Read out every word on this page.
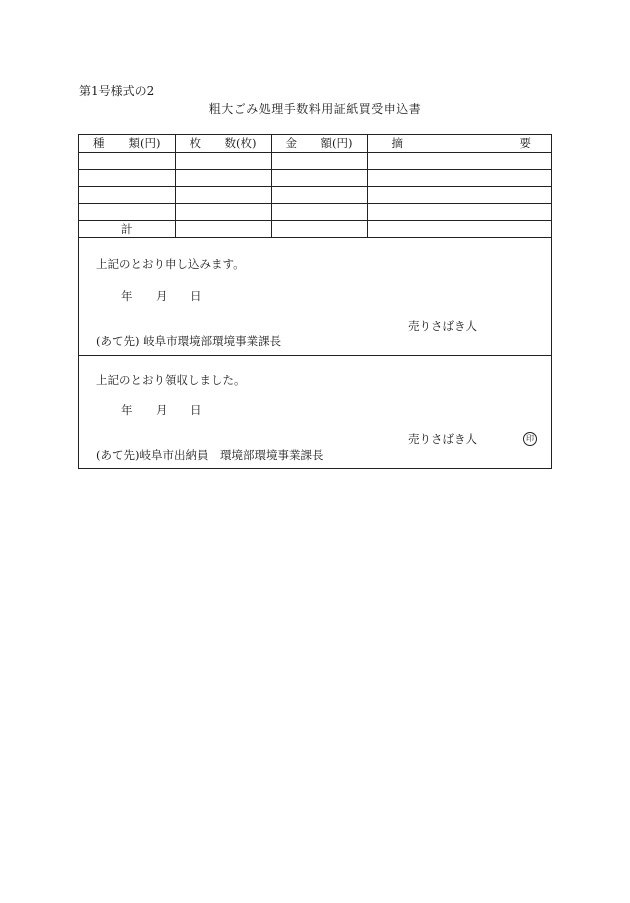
第1号様式の2
粗大ごみ処理手数料用証紙買受申込書
種 類(円)	枚 数(枚)	金 額(円)	摘 要

計			
上記のとおり申し込みます。
年 月 日
売りさばき人
(あて先) 岐阜市環境部環境事業課長
上記のとおり領収しました。
年 月 日
売りさばき人	印
(あて先)岐阜市出納員　環境部環境事業課長
